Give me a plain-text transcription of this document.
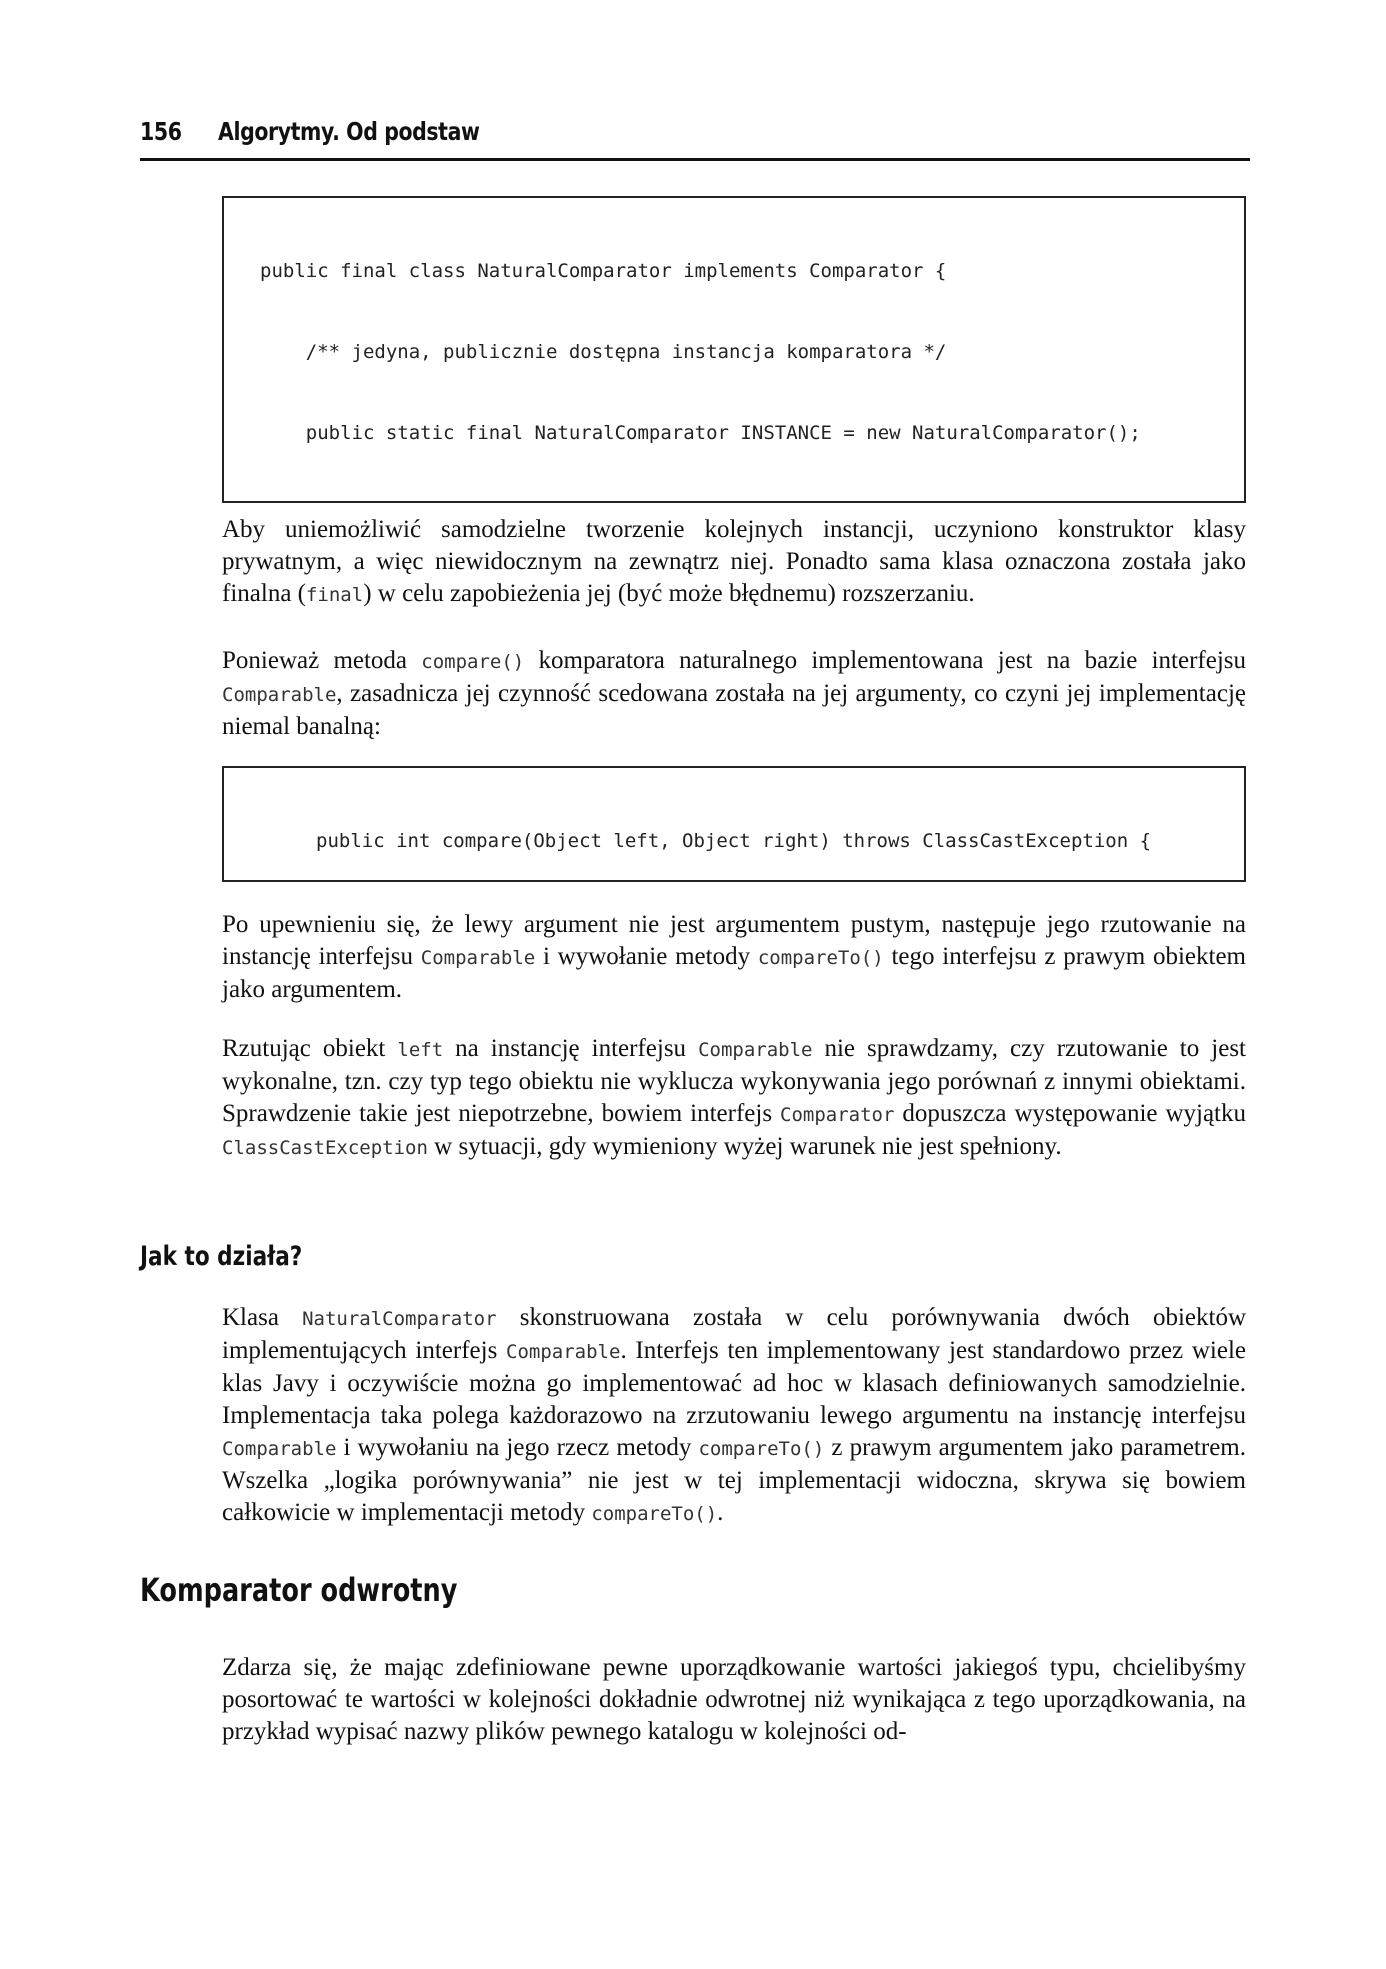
156 Algorytmy. Od podstaw

public final class NaturalComparator implements Comparator {

/** jedyna, publicznie dostępna instancja komparatora */

public static final NaturalComparator INSTANCE = new NaturalComparator();

Aby uniemożliwić samodzielne tworzenie kolejnych instancji, uczyniono konstruktor klasy prywatnym, a więc niewidocznym na zewnątrz niej. Ponadto sama klasa oznaczona została jako finalna (final) w celu zapobieżenia jej (być może błędnemu) rozszerzaniu.

Ponieważ metoda compare() komparatora naturalnego implementowana jest na bazie interfejsu Comparable, zasadnicza jej czynność scedowana została na jej argumenty, co czyni jej implementację niemal banalną:

public int compare(Object left, Object right) throws ClassCastException {

Po upewnieniu się, że lewy argument nie jest argumentem pustym, następuje jego rzutowanie na instancję interfejsu Comparable i wywołanie metody compareTo() tego interfejsu z prawym obiektem jako argumentem.

Rzutując obiekt left na instancję interfejsu Comparable nie sprawdzamy, czy rzutowanie to jest wykonalne, tzn. czy typ tego obiektu nie wyklucza wykonywania jego porównań z innymi obiektami. Sprawdzenie takie jest niepotrzebne, bowiem interfejs Comparator dopuszcza występowanie wyjątku ClassCastException w sytuacji, gdy wymieniony wyżej warunek nie jest spełniony.

Jak to działa?

Klasa NaturalComparator skonstruowana została w celu porównywania dwóch obiektów implementujących interfejs Comparable. Interfejs ten implementowany jest standardowo przez wiele klas Javy i oczywiście można go implementować ad hoc w klasach definiowanych samodzielnie. Implementacja taka polega każdorazowo na zrzutowaniu lewego argumentu na instancję interfejsu Comparable i wywołaniu na jego rzecz metody compareTo() z prawym argumentem jako parametrem. Wszelka „logika porównywania” nie jest w tej implementacji widoczna, skrywa się bowiem całkowicie w implementacji metody compareTo().

Komparator odwrotny

Zdarza się, że mając zdefiniowane pewne uporządkowanie wartości jakiegoś typu, chcielibyśmy posortować te wartości w kolejności dokładnie odwrotnej niż wynikająca z tego uporządkowania, na przykład wypisać nazwy plików pewnego katalogu w kolejności od-
